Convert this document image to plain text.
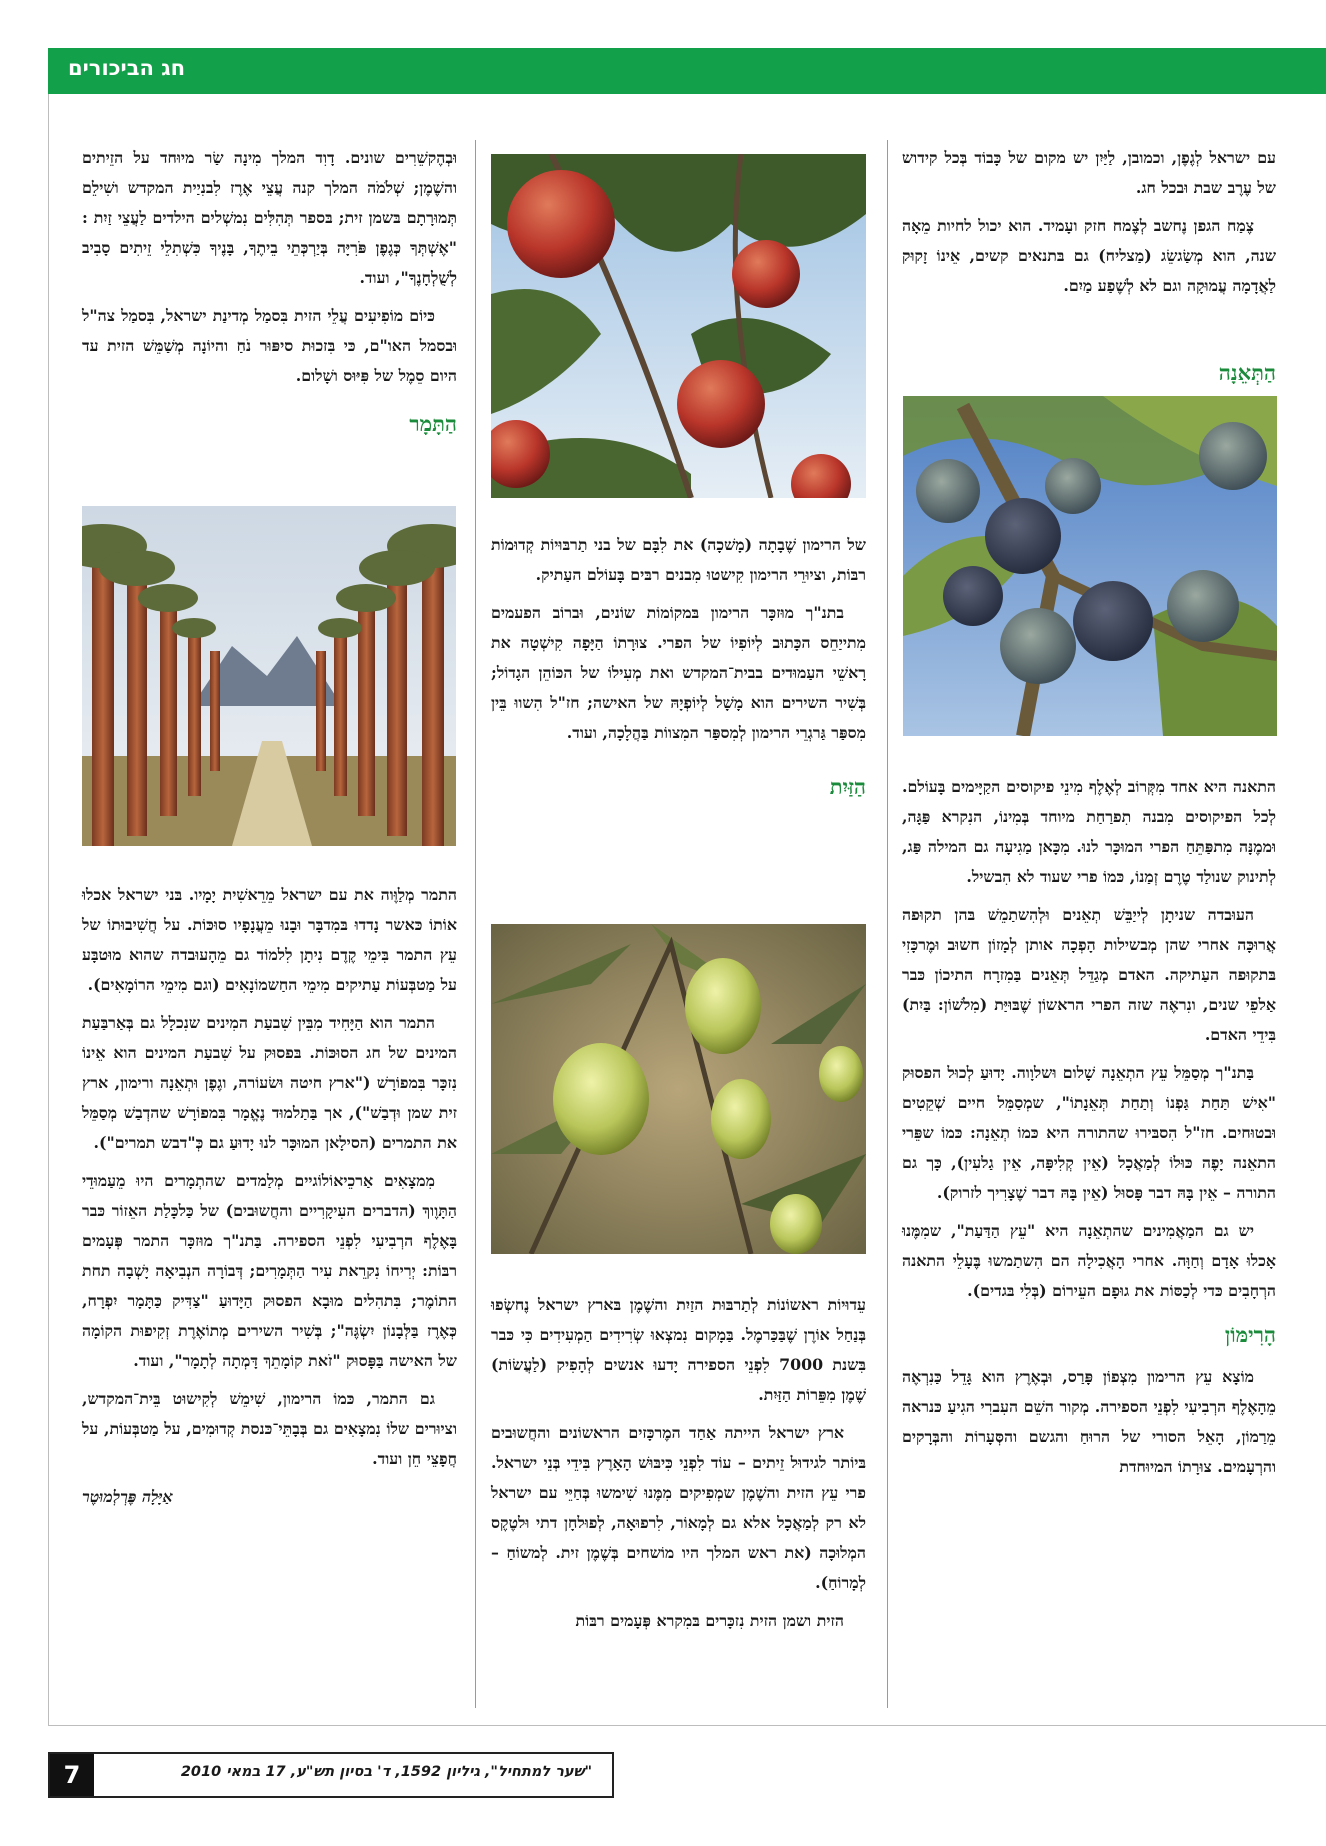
חג הביכורים

עם ישראל לְגֶפֶן, וכמובן, לַיַּיִן יש מקום של כָּבוֹד בְּכל קידוש של עֶרֶב שבת וּבכל חג.

צֶמַח הגפן נֶחשב לְצֶמח חזק ועָמיד. הוא יכול לחיות מֵאָה שנה, הוא מְשַׂגשֵׂג (מַצליח) גם בּתנאים קשים, אֵינוֹ זָקוּק לַאֲדָמָה עֲמוּקָה וגם לא לְשֶׁפַע מַיִם.

הַתְּאֵנָה

התאנה היא אחד מִקְּרוֹב לְאֶלֶף מִינֵי פיקוסים הקַיָּימים בָּעוֹלם. לְכל הפיקוסים מִבנה תִפרַחַת מיוחד בְּמִינוֹ, הנִקרא פַּגָּה, וּממֶנָּה מִתפַּתֵּחַ הפרי המוּכָּר לנוּ. מִכָּאן מַגִיעָה גם המילה פַּג, לְתינוק שנולַד טֶרֶם זְמַנוֹ, כּמוֹ פרי שעוד לא הִבשיל.

העוּבדה שניתָן לְייַבֵּשׁ תְאֵנים וּלְהִשתַמֵשׁ בּהן תקוּפה אֲרוּכָּה אחרי שהן מְבשילות הָפְכָה אותן לְמָזוֹן חשוּב וּמֶרכָּזִי בּתקוּפה העַתיקה. האדם מְגַדֵּל תְּאֵנים בַּמִזרָח התיכוֹן כּבר אַלפֵי שנים, ונִראֶה שזה הפרי הראשוֹן שֶׁבּוּיַּת (מִלשׁוֹן: בַּיִת) בִּידֵי האדם.

בַּתנ"ך מְסַמֵּל עֵץ התְאֵנָה שָׁלום וּשלוָוה. יָדוּעַ לְכוּל הפסוּק "אִישׁ תַּחַת גַּפְנוֹ וְתַחַת תְּאֵנָתוֹ", שמְסַמֵּל חיים שְׁקֵטִים וּבטוּחים. חז"ל הִסבּירוּ שהתורה היא כּמוֹ תְאֵנָה: כּמוֹ שפֵּרי התאֵנה יָפֶה כּוּלוֹ לְמַאֲכָל (אֵין קְלִיפָּה, אֵין גַלעִין), כָּך גם התורה – אֵין בָּהּ דבר פָּסוּל (אֵין בָּהּ דבר שֶׁצָרִיך לזרוק).

יש גם המַאֲמִינים שהתְאֵנָה היא "עֵץ הַדַּעַת", שמִמֶּנוּ אָכלוּ אָדָם וְחַוָּה. אחרי הָאֲכִילָה הם הִשתַמשוּ בֶּעָלֵי התאנה הרְחָבִים כּדי לְכַסּוֹת את גוּפָם העֵירוֹם (בְּלִי בּגדים).

הָרִימּוֹן

מוֹצָא עֵץ הרימון מִצְפוֹן פָּרַס, וּבְאֶרֶץ הוא גָּדֵל כַּנִרְאֶה מֵהָאֶלֶף הרְבִיעִי לִפְנֵי הספירה. מְקור השֵׁם העִברִי הגִיעַ כּנראה מֵרַמוֹן, הָאֵל הסורי של הרוּחַ והגשם והסְּעָרוֹת והבְּרָקים והרְעָמים. צוּרָתוֹ המיוּחדת

של הרימון שֶׁבָתָה (מָשׁכָה) את לִבָּם של בני תַרבּוּיוֹת קְדוּמוֹת רבּוֹת, וציוּרֵי הרימון קִישטוּ מִבנים רבּים בָּעוֹלם העַתיק.

בתנ"ך מוּזכָּר הרימון בּמקוֹמוֹת שוֹנים, וּברוֹב הפעמים מִתייַחֵס הכָּתוּב לְיוֹפִיוֹ של הפרי. צוּרָתוֹ הַיָּפָה קִישְׁטָה את רָאשֵׁי העַמוּדים בבית־המקדש ואת מְעִילוֹ של הכּוֹהֵן הגָדוֹל; בְּשִׁיר השירים הוא מָשָׁל לְיוֹפְיָהּ של האישה; חז"ל הִשווּ בֵּין מִספַּר גַּרגְרֵי הרימון לְמִספַּר המִצווֹת בַּהֲלָכָה, ועוד.

הַזַּיִת

עֵדוּיוֹת ראשוֹנוֹת לְתַרבּוּת הזַיִת והשֶׁמֶן בּארץ ישראל נֶחשְׂפוּ בְּנַחַל אוֹרֶן שֶׁבַּכַּרמֶל. בַּמָקום נִמצְאוּ שְׂרִידִים הַמְעִידִים כִּי כּבר בִּשנת 7000 לִפְנֵי הספירה יָדעוּ אנשים לְהָפִיק (לַעֲשׂוֹת) שֶׁמֶן מִפֵּרוֹת הַזַּיִת.

ארץ ישראל הייתה אַחַד המֶרכָּזים הראשוֹנים והחֲשוּבים בּיוֹתר לגידוּל זֵיתים – עוֹד לִפְנֵי כִּיבּוּשׁ הָאָרֶץ בִּידֵי בְּנֵי ישראל. פרי עֵץ הזית והשֶׁמֶן שמְפִיקים מִמֶּנוּ שִׁימשוּ בְּחַיֵּי עם ישראל לא רק לְמַאֲכָל אלא גם לְמָאוֹר, לִרפוּאָה, לְפוּלחָן דתי וּלטֶקֶס המְלוּכָה (את ראש המלך היו מוֹשחים בְּשֶׁמֶן זית. לְמשוֹחַ – לְמָרוֹחַ).

הזית ושמן הזית נִזכָּרים בּמִקרא פְּעָמים רבּוֹת

וּבְהֶקשֵׁרִים שונים. דָוִד המלך מִינָה שַׂר מיוּחד על הזֵיתים והשֶׁמֶן; שְׁלֹמֹה המלך קנה עֲצֵי אֶרֶז לִבנִיַית המקדש ושִׁילֵם תְּמוּרָתָם בּשמן זית; בּספר תְּהִלִּים נִמשְׁלים הילדים לַעֲצֵי זַיִת : "אֶשְׁתְּךָ כְּגֶפֶן פֹּרִיָּה בְּיַרְכְּתֵי בֵיתֶךָ, בָּנֶיךָ כִּשְׁתִלֵי זֵיתִים סָבִיב לְשֻׁלְחָנֶךָ", ועוד.

כּיוֹם מוֹפִיעִים עֲלֵי הזית בִּסמַל מְדינַת ישראל, בִּסמַל צה"ל וּבסמל האו"ם, כּי בִּזכוּת סיפּוּר נֹחַ והיוֹנָה מְשַׁמֵּשׁ הזית עד היום סֵמֶל של פִּיּוּס ושָׁלום.

הַתָּמָר

התמר מְלַוֶּוה את עם ישראל מֵרֵאשִׁית יָמָיו. בּני ישראל אכלוּ אוֹתוֹ כּאשר נָדדוּ בּמִדבָּר וּבָנוּ מֵעֲנָפָיו סוּכּוֹת. על חֲשִׁיבוּתוֹ של עֵץ התמר בִּימֵי קֶדֶם נִיתָן לִלמוֹד גם מֵהָעוּבדה שהוא מוּטבָּע על מַטבְּעוֹת עַתיקים מִימֵי החַשמוֹנָאִים (וגם מִימֵי הרוֹמָאִים).

התמר הוא הַיָּחִיד מִבֵּין שִׁבעַת המִינים שנִכלָל גם בְּאַרבַּעַת המינים של חג הסוּכּוֹת. בּפסוּק על שִׁבעַת המינים הוא אֵינוֹ נִזכָּר בִּמפוֹרָשׁ ("ארץ חיטה וּשׂעוֹרה, וגֶפֶן וּתְאֵנָה ורימון, ארץ זית שמן וּדְבַשׁ"), אך בַּתַלמוּד נֶאֱמָר בִּמפוֹרָשׁ שהדְבַשׁ מְסַמֵּל את התמרים (הסילָאן המוּכָּר לנוּ יָדוּעַ גם כְּ"דבש תמרים").

מִמצָאִים אַרכֵיאוֹלוֹגיים מְלַמדים שהתְמָרים היוּ מֵעַמוּדֵי הַתָּוֶוךְ (הדברים העִיקָרִיים והחֲשוּבים) של כַּלכָּלַת האֵזוֹר כּבר בָּאֶלֶף הרְבִיעִי לִפְנֵי הספירה. בַּתנ"ך מוּזכָּר התמר פְּעָמים רבּוֹת: יְרִיחוֹ נִקרֵאת עִיר הַתְּמָרִים; דְּבוֹרָה הנְבִיאָה יָשְׁבָה תחת התוֹמֶר; בִּתהִלים מוּבָא הפסוּק הַיָּדוּעַ "צַדִּיק כַּתָּמָר יִפְרָח, כְּאֶרֶז בַּלְּבָנוֹן יִשְׂגֶּה"; בְּשִׁיר השירים מְתוֹאֶרֶת זְקִיפוּת הקוֹמָה של האישה בַּפָּסוּק "זֹאת קוֹמָתֵךְ דָּמְתָה לְתָמָר", ועוד.

גם התמר, כּמוֹ הרימון, שִׁימֵשׁ לְקִישוּט בֵּית־המקדש, וציוּרים שלוֹ נִמצָאִים גם בְּבָתֵּי־כּנסת קְדוּמִים, על מַטבְּעוֹת, על חֲפָצֵי חֵן ועוד.

אַיָּלָה פֶּרְלְמוּטֶר

7	"שער למתחיל", גיליון 1592, ד' בסיון תש"ע, 17 במאי 2010
